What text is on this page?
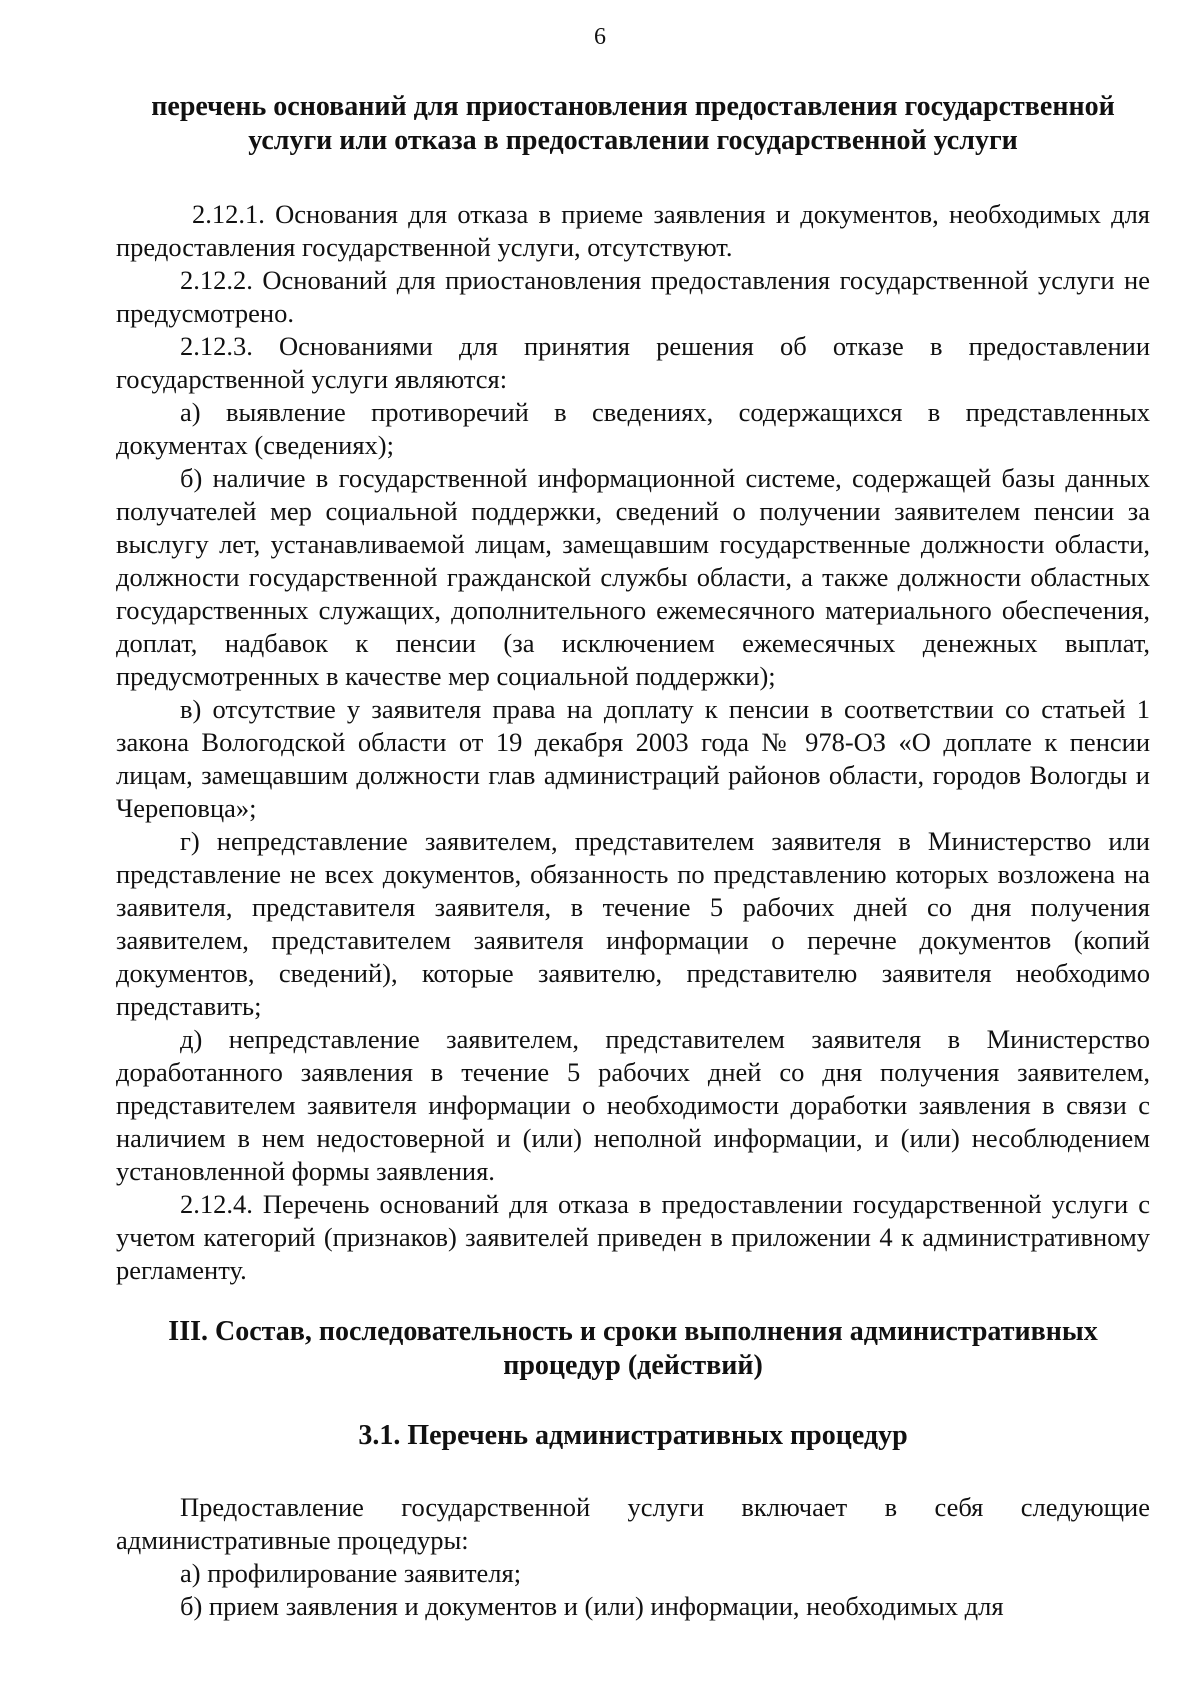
6

перечень оснований для приостановления предоставления государственной услуги или отказа в предоставлении государственной услуги

2.12.1. Основания для отказа в приеме заявления и документов, необходимых для предоставления государственной услуги, отсутствуют.

2.12.2. Оснований для приостановления предоставления государственной услуги не предусмотрено.

2.12.3. Основаниями для принятия решения об отказе в предоставлении государственной услуги являются:

а) выявление противоречий в сведениях, содержащихся в представленных документах (сведениях);

б) наличие в государственной информационной системе, содержащей базы данных получателей мер социальной поддержки, сведений о получении заявителем пенсии за выслугу лет, устанавливаемой лицам, замещавшим государственные должности области, должности государственной гражданской службы области, а также должности областных государственных служащих, дополнительного ежемесячного материального обеспечения, доплат, надбавок к пенсии (за исключением ежемесячных денежных выплат, предусмотренных в качестве мер социальной поддержки);

в) отсутствие у заявителя права на доплату к пенсии в соответствии со статьей 1 закона Вологодской области от 19 декабря 2003 года № 978-ОЗ «О доплате к пенсии лицам, замещавшим должности глав администраций районов области, городов Вологды и Череповца»;

г) непредставление заявителем, представителем заявителя в Министерство или представление не всех документов, обязанность по представлению которых возложена на заявителя, представителя заявителя, в течение 5 рабочих дней со дня получения заявителем, представителем заявителя информации о перечне документов (копий документов, сведений), которые заявителю, представителю заявителя необходимо представить;

д) непредставление заявителем, представителем заявителя в Министерство доработанного заявления в течение 5 рабочих дней со дня получения заявителем, представителем заявителя информации о необходимости доработки заявления в связи с наличием в нем недостоверной и (или) неполной информации, и (или) несоблюдением установленной формы заявления.

2.12.4. Перечень оснований для отказа в предоставлении государственной услуги с учетом категорий (признаков) заявителей приведен в приложении 4 к административному регламенту.

III. Состав, последовательность и сроки выполнения административных процедур (действий)

3.1. Перечень административных процедур

Предоставление государственной услуги включает в себя следующие административные процедуры:

а) профилирование заявителя;

б) прием заявления и документов и (или) информации, необходимых для
